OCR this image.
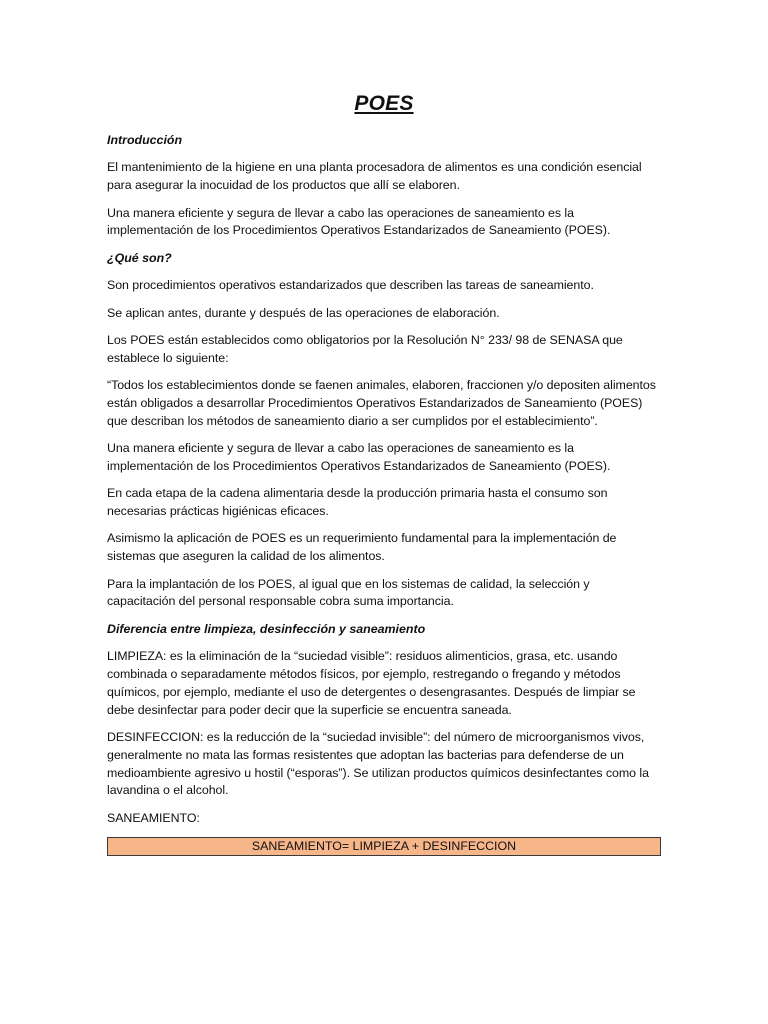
POES
Introducción
El mantenimiento de la higiene en una planta procesadora de alimentos es una condición esencial para asegurar la inocuidad de los productos que allí se elaboren.
Una manera eficiente y segura de llevar a cabo las operaciones de saneamiento es la implementación de los Procedimientos Operativos Estandarizados de Saneamiento (POES).
¿Qué son?
Son procedimientos operativos estandarizados que describen las tareas de saneamiento.
Se aplican antes, durante y después de las operaciones de elaboración.
Los POES están establecidos como obligatorios por la Resolución N° 233/ 98 de SENASA que establece lo siguiente:
“Todos los establecimientos donde se faenen animales, elaboren, fraccionen y/o depositen alimentos están obligados a desarrollar Procedimientos Operativos Estandarizados de Saneamiento (POES) que describan los métodos de saneamiento diario a ser cumplidos por el establecimiento”.
Una manera eficiente y segura de llevar a cabo las operaciones de saneamiento es la implementación de los Procedimientos Operativos Estandarizados de Saneamiento (POES).
En cada etapa de la cadena alimentaria desde la producción primaria hasta el consumo son necesarias prácticas higiénicas eficaces.
Asimismo la aplicación de POES es un requerimiento fundamental para la implementación de sistemas que aseguren la calidad de los alimentos.
Para la implantación de los POES, al igual que en los sistemas de calidad, la selección y capacitación del personal responsable cobra suma importancia.
Diferencia entre limpieza, desinfección y saneamiento
LIMPIEZA: es la eliminación de la “suciedad visible”: residuos alimenticios, grasa, etc. usando combinada o separadamente métodos físicos, por ejemplo, restregando o fregando y métodos químicos, por ejemplo, mediante el uso de detergentes o desengrasantes. Después de limpiar se debe desinfectar para poder decir que la superficie se encuentra saneada.
DESINFECCION: es la reducción de la “suciedad invisible”: del número de microorganismos vivos, generalmente no mata las formas resistentes que adoptan las bacterias para defenderse de un medioambiente agresivo u hostil (“esporas”). Se utilizan productos químicos desinfectantes como la lavandina o el alcohol.
SANEAMIENTO:
SANEAMIENTO= LIMPIEZA + DESINFECCION
